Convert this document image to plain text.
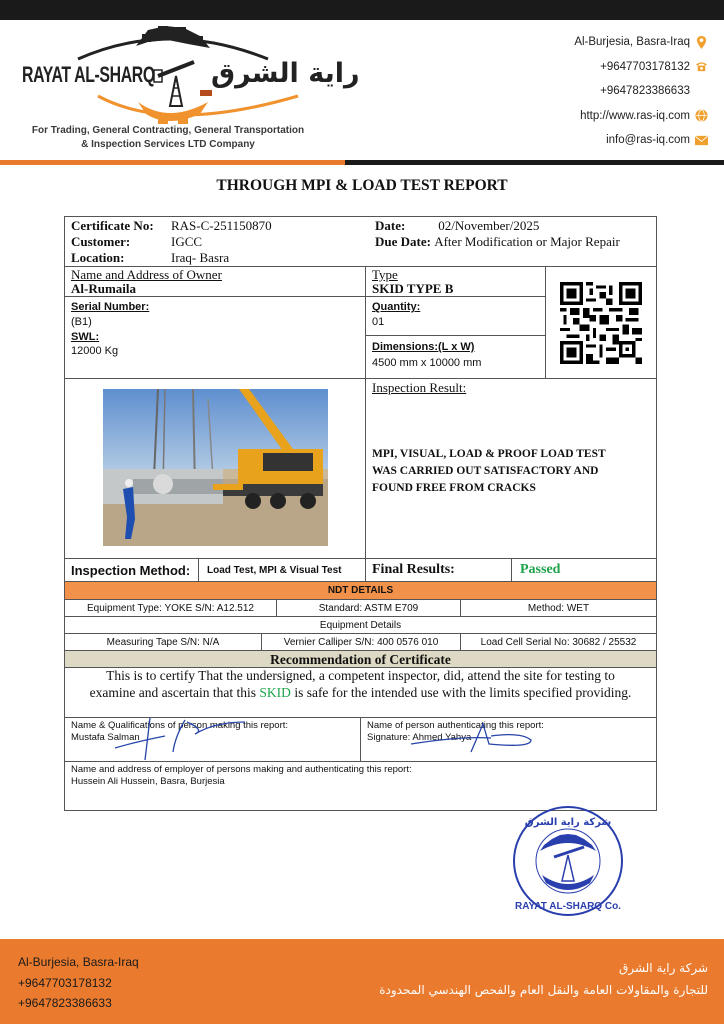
RAYAT AL-SHARQ راية الشرق
For Trading, General Contracting, General Transportation
& Inspection Services LTD Company
Al-Burjesia, Basra-Iraq
+9647703178132
+9647823386633
http://www.ras-iq.com
info@ras-iq.com
THROUGH MPI & LOAD TEST REPORT
Certificate No: RAS-C-251150870
Customer:	IGCC
Location:	Iraq- Basra
Date:	02/November/2025
Due Date: After Modification or Major Repair
Name and Address of Owner
Al-Rumaila
Serial Number:
(B1)
SWL:
12000 Kg
Type
SKID TYPE B
Quantity:
01
Dimensions:(L x W)
4500 mm x 10000 mm
Inspection Result:
MPI, VISUAL, LOAD & PROOF LOAD TEST
WAS CARRIED OUT SATISFACTORY AND
FOUND FREE FROM CRACKS
Inspection Method:	Load Test, MPI & Visual Test	Final Results:	Passed
NDT DETAILS
Equipment Type: YOKE S/N: A12.512	Standard: ASTM E709	Method: WET
Equipment Details
Measuring Tape S/N: N/A	Vernier Calliper S/N: 400 0576 010	Load Cell Serial No: 30682 / 25532
Recommendation of Certificate
This is to certify That the undersigned, a competent inspector, did, attend the site for testing to examine and ascertain that this SKID is safe for the intended use with the limits specified providing.
Name & Qualifications of person making this report:
Mustafa Salman
Name of person authenticating this report:
Signature: Ahmed Yahya
Name and address of employer of persons making and authenticating this report:
Hussein Ali Hussein, Basra, Burjesia
شركة راية الشرق
RAYAT AL-SHARQ Co.
Al-Burjesia, Basra-Iraq
+9647703178132
+9647823386633
شركة راية الشرق
للتجارة والمقاولات العامة والنقل العام والفحص الهندسي المحدودة
